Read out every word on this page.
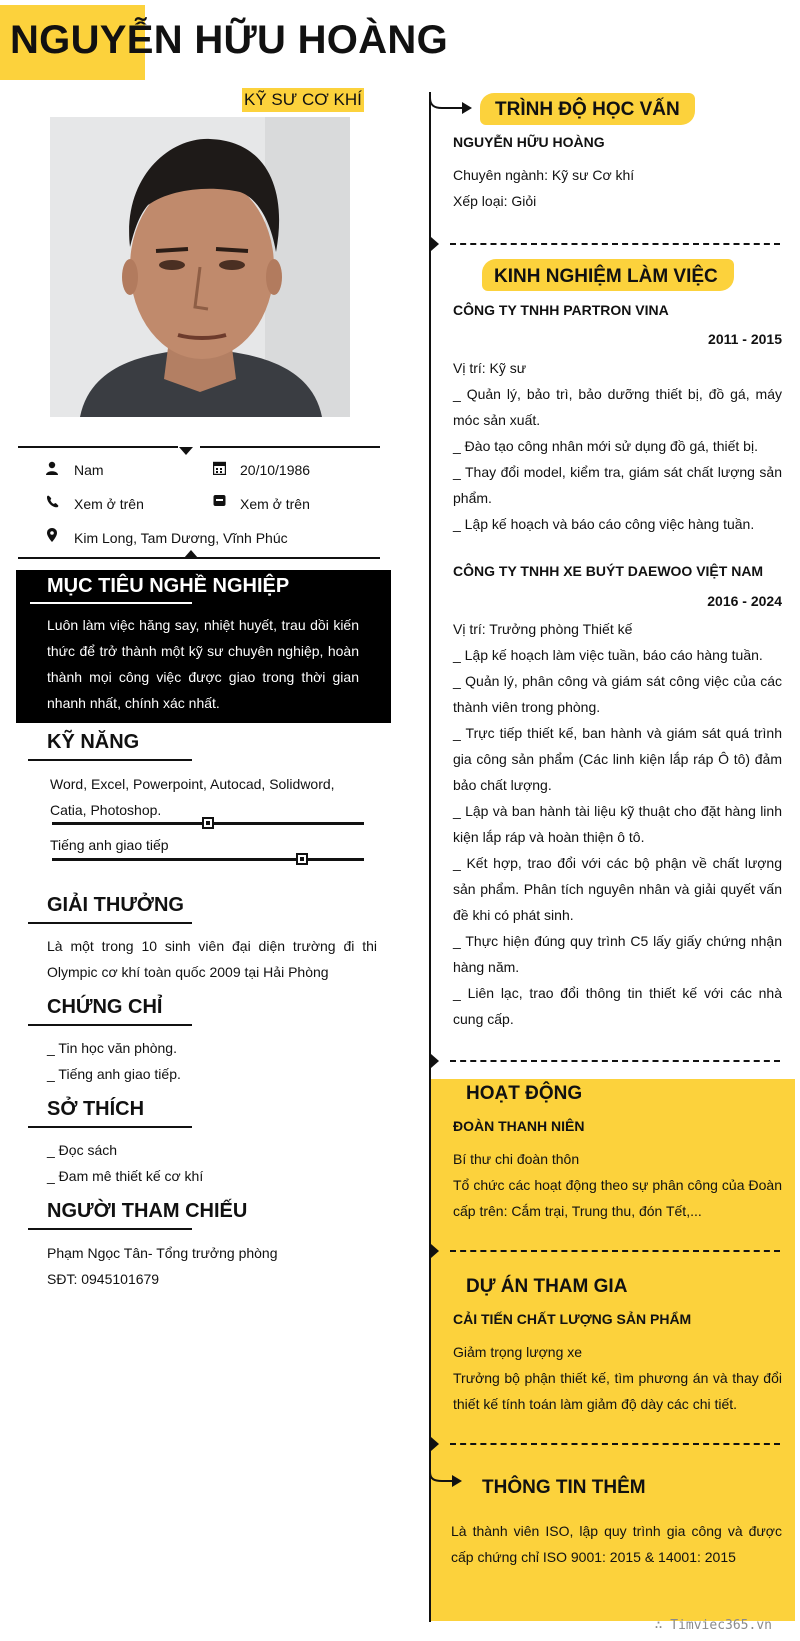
NGUYỄN HỮU HOÀNG
KỸ SƯ CƠ KHÍ
Nam	20/10/1986
Xem ở trên	Xem ở trên
Kim Long, Tam Dương, Vĩnh Phúc
MỤC TIÊU NGHỀ NGHIỆP
Luôn làm việc hăng say, nhiệt huyết, trau dồi kiến thức để trở thành một kỹ sư chuyên nghiệp, hoàn thành mọi công việc được giao trong thời gian nhanh nhất, chính xác nhất.
KỸ NĂNG
Word, Excel, Powerpoint, Autocad, Solidword, Catia, Photoshop.
Tiếng anh giao tiếp
GIẢI THƯỞNG
Là một trong 10 sinh viên đại diện trường đi thi Olympic cơ khí toàn quốc 2009 tại Hải Phòng
CHỨNG CHỈ
_ Tin học văn phòng.
_ Tiếng anh giao tiếp.
SỞ THÍCH
_ Đọc sách
_ Đam mê thiết kế cơ khí
NGƯỜI THAM CHIẾU
Phạm Ngọc Tân- Tổng trưởng phòng
SĐT: 0945101679
TRÌNH ĐỘ HỌC VẤN
NGUYỄN HỮU HOÀNG
Chuyên ngành: Kỹ sư Cơ khí
Xếp loại: Giỏi
KINH NGHIỆM LÀM VIỆC
CÔNG TY TNHH PARTRON VINA
2011 - 2015
Vị trí: Kỹ sư
_ Quản lý, bảo trì, bảo dưỡng thiết bị, đồ gá, máy móc sản xuất.
_ Đào tạo công nhân mới sử dụng đồ gá, thiết bị.
_ Thay đổi model, kiểm tra, giám sát chất lượng sản phẩm.
_ Lập kế hoạch và báo cáo công việc hàng tuần.
CÔNG TY TNHH XE BUÝT DAEWOO VIỆT NAM
2016 - 2024
Vị trí: Trưởng phòng Thiết kế
_ Lập kế hoạch làm việc tuần, báo cáo hàng tuần.
_ Quản lý, phân công và giám sát công việc của các thành viên trong phòng.
_ Trực tiếp thiết kế, ban hành và giám sát quá trình gia công sản phẩm (Các linh kiện lắp ráp Ô tô) đảm bảo chất lượng.
_ Lập và ban hành tài liệu kỹ thuật cho đặt hàng linh kiện lắp ráp và hoàn thiện ô tô.
_ Kết hợp, trao đổi với các bộ phận về chất lượng sản phẩm. Phân tích nguyên nhân và giải quyết vấn đề khi có phát sinh.
_ Thực hiện đúng quy trình C5 lấy giấy chứng nhận hàng năm.
_ Liên lạc, trao đổi thông tin thiết kế với các nhà cung cấp.
HOẠT ĐỘNG
ĐOÀN THANH NIÊN
Bí thư chi đoàn thôn
Tổ chức các hoạt động theo sự phân công của Đoàn cấp trên: Cắm trại, Trung thu, đón Tết,...
DỰ ÁN THAM GIA
CẢI TIẾN CHẤT LƯỢNG SẢN PHẨM
Giảm trọng lượng xe
Trưởng bộ phận thiết kế, tìm phương án và thay đổi thiết kế tính toán làm giảm độ dày các chi tiết.
THÔNG TIN THÊM
Là thành viên ISO, lập quy trình gia công và được cấp chứng chỉ ISO 9001: 2015 & 14001: 2015
∴ Timviec365.vn
